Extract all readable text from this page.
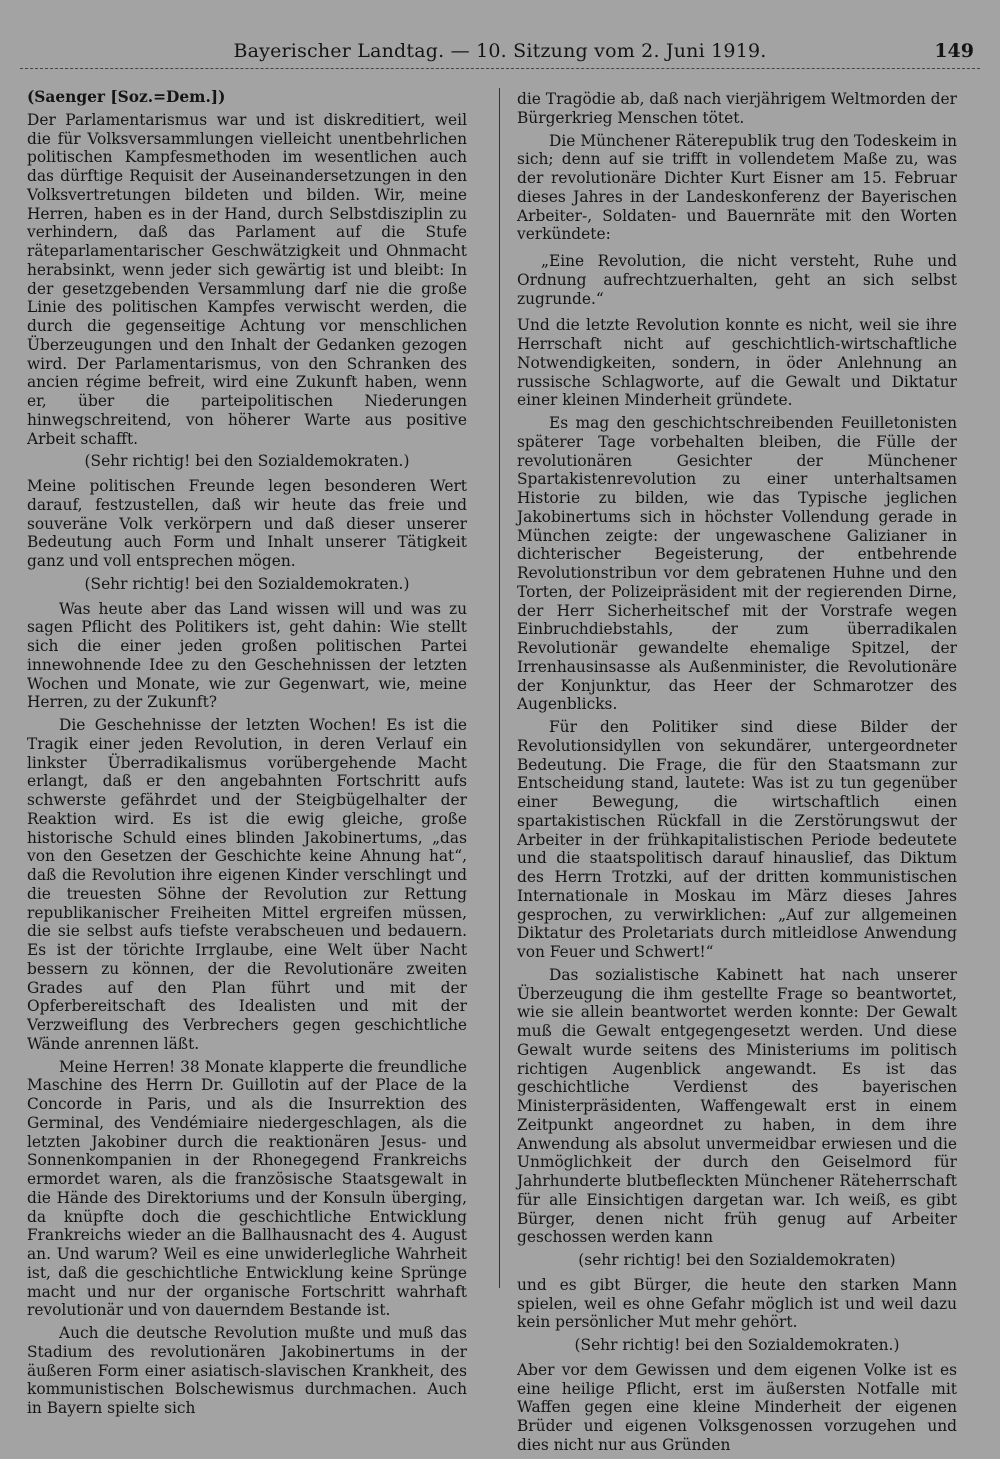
Bayerischer Landtag. — 10. Sitzung vom 2. Juni 1919.	149

(Saenger [Soz.=Dem.])

Der Parlamentarismus war und ist diskreditiert, weil die für Volksversammlungen vielleicht unentbehrlichen politischen Kampfesmethoden im wesentlichen auch das dürftige Requisit der Auseinandersetzungen in den Volksvertretungen bildeten und bilden. Wir, meine Herren, haben es in der Hand, durch Selbstdisziplin zu verhindern, daß das Parlament auf die Stufe räteparlamentarischer Geschwätzigkeit und Ohnmacht herabsinkt, wenn jeder sich gewärtig ist und bleibt: In der gesetzgebenden Versammlung darf nie die große Linie des politischen Kampfes verwischt werden, die durch die gegenseitige Achtung vor menschlichen Überzeugungen und den Inhalt der Gedanken gezogen wird. Der Parlamentarismus, von den Schranken des ancien régime befreit, wird eine Zukunft haben, wenn er, über die parteipolitischen Niederungen hinwegschreitend, von höherer Warte aus positive Arbeit schafft.

(Sehr richtig! bei den Sozialdemokraten.)

Meine politischen Freunde legen besonderen Wert darauf, festzustellen, daß wir heute das freie und souveräne Volk verkörpern und daß dieser unserer Bedeutung auch Form und Inhalt unserer Tätigkeit ganz und voll entsprechen mögen.

(Sehr richtig! bei den Sozialdemokraten.)

Was heute aber das Land wissen will und was zu sagen Pflicht des Politikers ist, geht dahin: Wie stellt sich die einer jeden großen politischen Partei innewohnende Idee zu den Geschehnissen der letzten Wochen und Monate, wie zur Gegenwart, wie, meine Herren, zu der Zukunft?

Die Geschehnisse der letzten Wochen! Es ist die Tragik einer jeden Revolution, in deren Verlauf ein linkster Überradikalismus vorübergehende Macht erlangt, daß er den angebahnten Fortschritt aufs schwerste gefährdet und der Steigbügelhalter der Reaktion wird. Es ist die ewig gleiche, große historische Schuld eines blinden Jakobinertums, „das von den Gesetzen der Geschichte keine Ahnung hat“, daß die Revolution ihre eigenen Kinder verschlingt und die treuesten Söhne der Revolution zur Rettung republikanischer Freiheiten Mittel ergreifen müssen, die sie selbst aufs tiefste verabscheuen und bedauern. Es ist der törichte Irrglaube, eine Welt über Nacht bessern zu können, der die Revolutionäre zweiten Grades auf den Plan führt und mit der Opferbereitschaft des Idealisten und mit der Verzweiflung des Verbrechers gegen geschichtliche Wände anrennen läßt.

Meine Herren! 38 Monate klapperte die freundliche Maschine des Herrn Dr. Guillotin auf der Place de la Concorde in Paris, und als die Insurrektion des Germinal, des Vendémiaire niedergeschlagen, als die letzten Jakobiner durch die reaktionären Jesus- und Sonnenkompanien in der Rhonegegend Frankreichs ermordet waren, als die französische Staatsgewalt in die Hände des Direktoriums und der Konsuln überging, da knüpfte doch die geschichtliche Entwicklung Frankreichs wieder an die Ballhausnacht des 4. August an. Und warum? Weil es eine unwiderlegliche Wahrheit ist, daß die geschichtliche Entwicklung keine Sprünge macht und nur der organische Fortschritt wahrhaft revolutionär und von dauerndem Bestande ist.

Auch die deutsche Revolution mußte und muß das Stadium des revolutionären Jakobinertums in der äußeren Form einer asiatisch-slavischen Krankheit, des kommunistischen Bolschewismus durchmachen. Auch in Bayern spielte sich

die Tragödie ab, daß nach vierjährigem Weltmorden der Bürgerkrieg Menschen tötet.

Die Münchener Räterepublik trug den Todeskeim in sich; denn auf sie trifft in vollendetem Maße zu, was der revolutionäre Dichter Kurt Eisner am 15. Februar dieses Jahres in der Landeskonferenz der Bayerischen Arbeiter-, Soldaten- und Bauernräte mit den Worten verkündete:

„Eine Revolution, die nicht versteht, Ruhe und Ordnung aufrechtzuerhalten, geht an sich selbst zugrunde.“

Und die letzte Revolution konnte es nicht, weil sie ihre Herrschaft nicht auf geschichtlich-wirtschaftliche Notwendigkeiten, sondern, in öder Anlehnung an russische Schlagworte, auf die Gewalt und Diktatur einer kleinen Minderheit gründete.

Es mag den geschichtschreibenden Feuilletonisten späterer Tage vorbehalten bleiben, die Fülle der revolutionären Gesichter der Münchener Spartakistenrevolution zu einer unterhaltsamen Historie zu bilden, wie das Typische jeglichen Jakobinertums sich in höchster Vollendung gerade in München zeigte: der ungewaschene Galizianer in dichterischer Begeisterung, der entbehrende Revolutionstribun vor dem gebratenen Huhne und den Torten, der Polizeipräsident mit der regierenden Dirne, der Herr Sicherheitschef mit der Vorstrafe wegen Einbruchdiebstahls, der zum überradikalen Revolutionär gewandelte ehemalige Spitzel, der Irrenhausinsasse als Außenminister, die Revolutionäre der Konjunktur, das Heer der Schmarotzer des Augenblicks.

Für den Politiker sind diese Bilder der Revolutionsidyllen von sekundärer, untergeordneter Bedeutung. Die Frage, die für den Staatsmann zur Entscheidung stand, lautete: Was ist zu tun gegenüber einer Bewegung, die wirtschaftlich einen spartakistischen Rückfall in die Zerstörungswut der Arbeiter in der frühkapitalistischen Periode bedeutete und die staatspolitisch darauf hinauslief, das Diktum des Herrn Trotzki, auf der dritten kommunistischen Internationale in Moskau im März dieses Jahres gesprochen, zu verwirklichen: „Auf zur allgemeinen Diktatur des Proletariats durch mitleidlose Anwendung von Feuer und Schwert!“

Das sozialistische Kabinett hat nach unserer Überzeugung die ihm gestellte Frage so beantwortet, wie sie allein beantwortet werden konnte: Der Gewalt muß die Gewalt entgegengesetzt werden. Und diese Gewalt wurde seitens des Ministeriums im politisch richtigen Augenblick angewandt. Es ist das geschichtliche Verdienst des bayerischen Ministerpräsidenten, Waffengewalt erst in einem Zeitpunkt angeordnet zu haben, in dem ihre Anwendung als absolut unvermeidbar erwiesen und die Unmöglichkeit der durch den Geiselmord für Jahrhunderte blutbefleckten Münchener Räteherrschaft für alle Einsichtigen dargetan war. Ich weiß, es gibt Bürger, denen nicht früh genug auf Arbeiter geschossen werden kann

(sehr richtig! bei den Sozialdemokraten)

und es gibt Bürger, die heute den starken Mann spielen, weil es ohne Gefahr möglich ist und weil dazu kein persönlicher Mut mehr gehört.

(Sehr richtig! bei den Sozialdemokraten.)

Aber vor dem Gewissen und dem eigenen Volke ist es eine heilige Pflicht, erst im äußersten Notfalle mit Waffen gegen eine kleine Minderheit der eigenen Brüder und eigenen Volksgenossen vorzugehen und dies nicht nur aus Gründen
